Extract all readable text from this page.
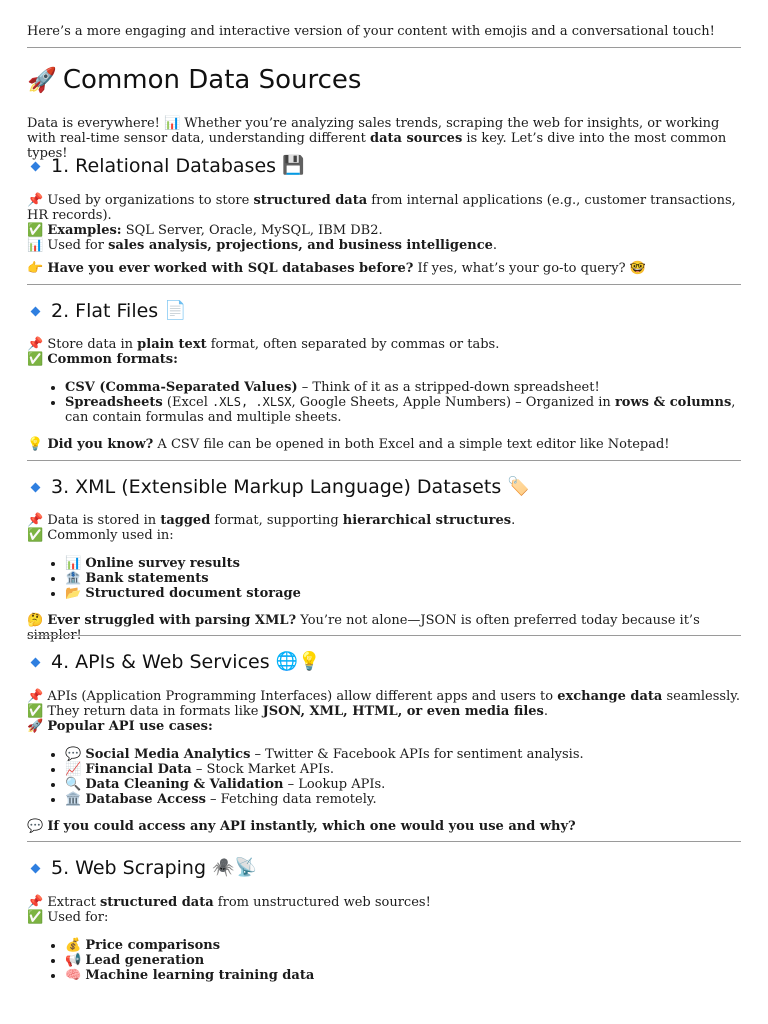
Here’s a more engaging and interactive version of your content with emojis and a conversational touch!

🚀 Common Data Sources

Data is everywhere! 📊 Whether you’re analyzing sales trends, scraping the web for insights, or working with real-time sensor data, understanding different data sources is key. Let’s dive into the most common types!

1. Relational Databases 💾

📌 Used by organizations to store structured data from internal applications (e.g., customer transactions, HR records).
✅ Examples: SQL Server, Oracle, MySQL, IBM DB2.
📊 Used for sales analysis, projections, and business intelligence.

👉 Have you ever worked with SQL databases before? If yes, what’s your go-to query? 🤓

2. Flat Files 📄

📌 Store data in plain text format, often separated by commas or tabs.
✅ Common formats:

• CSV (Comma-Separated Values) – Think of it as a stripped-down spreadsheet!
• Spreadsheets (Excel .XLS, .XLSX, Google Sheets, Apple Numbers) – Organized in rows & columns, can contain formulas and multiple sheets.

💡 Did you know? A CSV file can be opened in both Excel and a simple text editor like Notepad!

3. XML (Extensible Markup Language) Datasets 🏷️

📌 Data is stored in tagged format, supporting hierarchical structures.
✅ Commonly used in:

• 📊 Online survey results
• 🏦 Bank statements
• 📂 Structured document storage

🤔 Ever struggled with parsing XML? You’re not alone—JSON is often preferred today because it’s simpler!

4. APIs & Web Services 🌐💡

📌 APIs (Application Programming Interfaces) allow different apps and users to exchange data seamlessly.
✅ They return data in formats like JSON, XML, HTML, or even media files.
🚀 Popular API use cases:

• 💬 Social Media Analytics – Twitter & Facebook APIs for sentiment analysis.
• 📈 Financial Data – Stock Market APIs.
• 🔍 Data Cleaning & Validation – Lookup APIs.
• 🏛️ Database Access – Fetching data remotely.

💬 If you could access any API instantly, which one would you use and why?

5. Web Scraping 🕷️📡

📌 Extract structured data from unstructured web sources!
✅ Used for:

• 💰 Price comparisons
• 📢 Lead generation
• 🧠 Machine learning training data
